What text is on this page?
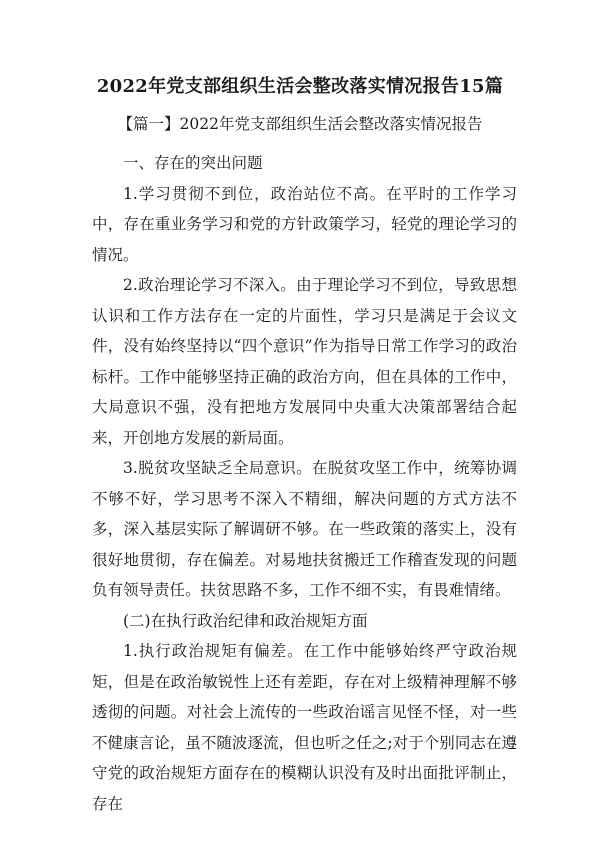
2022年党支部组织生活会整改落实情况报告15篇
【篇一】2022年党支部组织生活会整改落实情况报告

一、存在的突出问题

1.学习贯彻不到位，政治站位不高。在平时的工作学习中，存在重业务学习和党的方针政策学习，轻党的理论学习的情况。

2.政治理论学习不深入。由于理论学习不到位，导致思想认识和工作方法存在一定的片面性，学习只是满足于会议文件，没有始终坚持以“四个意识”作为指导日常工作学习的政治标杆。工作中能够坚持正确的政治方向，但在具体的工作中，大局意识不强，没有把地方发展同中央重大决策部署结合起来，开创地方发展的新局面。

3.脱贫攻坚缺乏全局意识。在脱贫攻坚工作中，统筹协调不够不好，学习思考不深入不精细，解决问题的方式方法不多，深入基层实际了解调研不够。在一些政策的落实上，没有很好地贯彻，存在偏差。对易地扶贫搬迁工作稽查发现的问题负有领导责任。扶贫思路不多，工作不细不实，有畏难情绪。

(二)在执行政治纪律和政治规矩方面

1.执行政治规矩有偏差。在工作中能够始终严守政治规矩，但是在政治敏锐性上还有差距，存在对上级精神理解不够透彻的问题。对社会上流传的一些政治谣言见怪不怪，对一些不健康言论，虽不随波逐流，但也听之任之;对于个别同志在遵守党的政治规矩方面存在的模糊认识没有及时出面批评制止，存在
